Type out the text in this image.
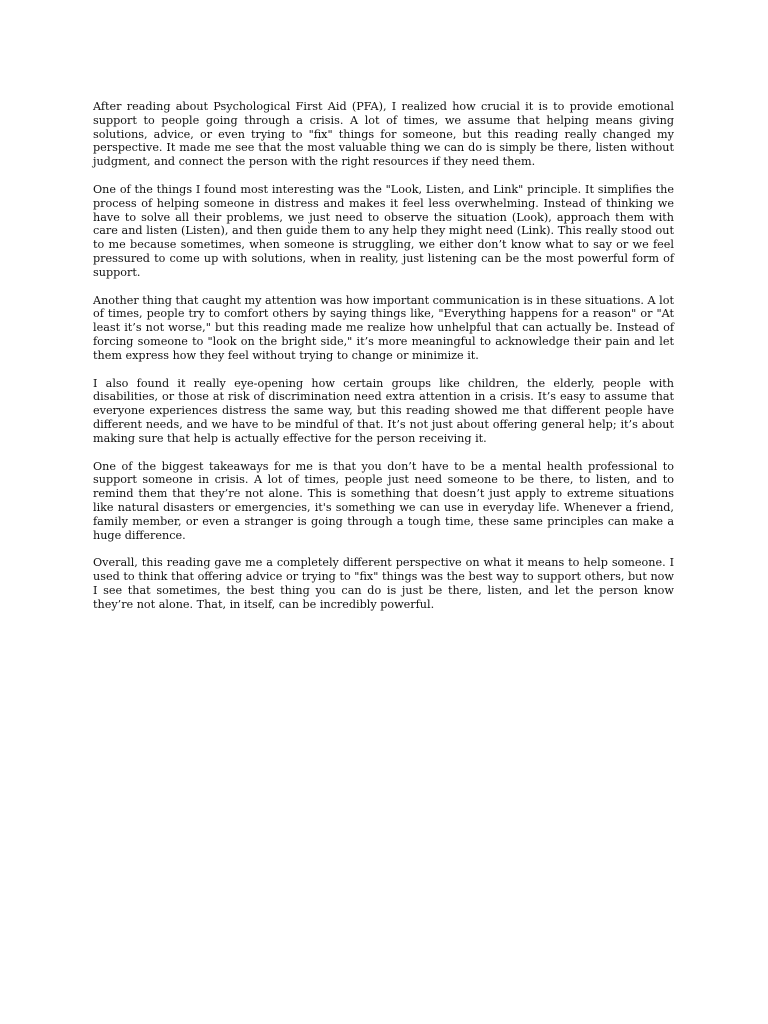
After reading about Psychological First Aid (PFA), I realized how crucial it is to provide emotional support to people going through a crisis. A lot of times, we assume that helping means giving solutions, advice, or even trying to "fix" things for someone, but this reading really changed my perspective. It made me see that the most valuable thing we can do is simply be there, listen without judgment, and connect the person with the right resources if they need them.

One of the things I found most interesting was the "Look, Listen, and Link" principle. It simplifies the process of helping someone in distress and makes it feel less overwhelming. Instead of thinking we have to solve all their problems, we just need to observe the situation (Look), approach them with care and listen (Listen), and then guide them to any help they might need (Link). This really stood out to me because sometimes, when someone is struggling, we either don’t know what to say or we feel pressured to come up with solutions, when in reality, just listening can be the most powerful form of support.

Another thing that caught my attention was how important communication is in these situations. A lot of times, people try to comfort others by saying things like, "Everything happens for a reason" or "At least it’s not worse," but this reading made me realize how unhelpful that can actually be. Instead of forcing someone to "look on the bright side," it’s more meaningful to acknowledge their pain and let them express how they feel without trying to change or minimize it.

I also found it really eye-opening how certain groups like children, the elderly, people with disabilities, or those at risk of discrimination need extra attention in a crisis. It’s easy to assume that everyone experiences distress the same way, but this reading showed me that different people have different needs, and we have to be mindful of that. It’s not just about offering general help; it’s about making sure that help is actually effective for the person receiving it.

One of the biggest takeaways for me is that you don’t have to be a mental health professional to support someone in crisis. A lot of times, people just need someone to be there, to listen, and to remind them that they’re not alone. This is something that doesn’t just apply to extreme situations like natural disasters or emergencies, it's something we can use in everyday life. Whenever a friend, family member, or even a stranger is going through a tough time, these same principles can make a huge difference.

Overall, this reading gave me a completely different perspective on what it means to help someone. I used to think that offering advice or trying to "fix" things was the best way to support others, but now I see that sometimes, the best thing you can do is just be there, listen, and let the person know they’re not alone. That, in itself, can be incredibly powerful.
